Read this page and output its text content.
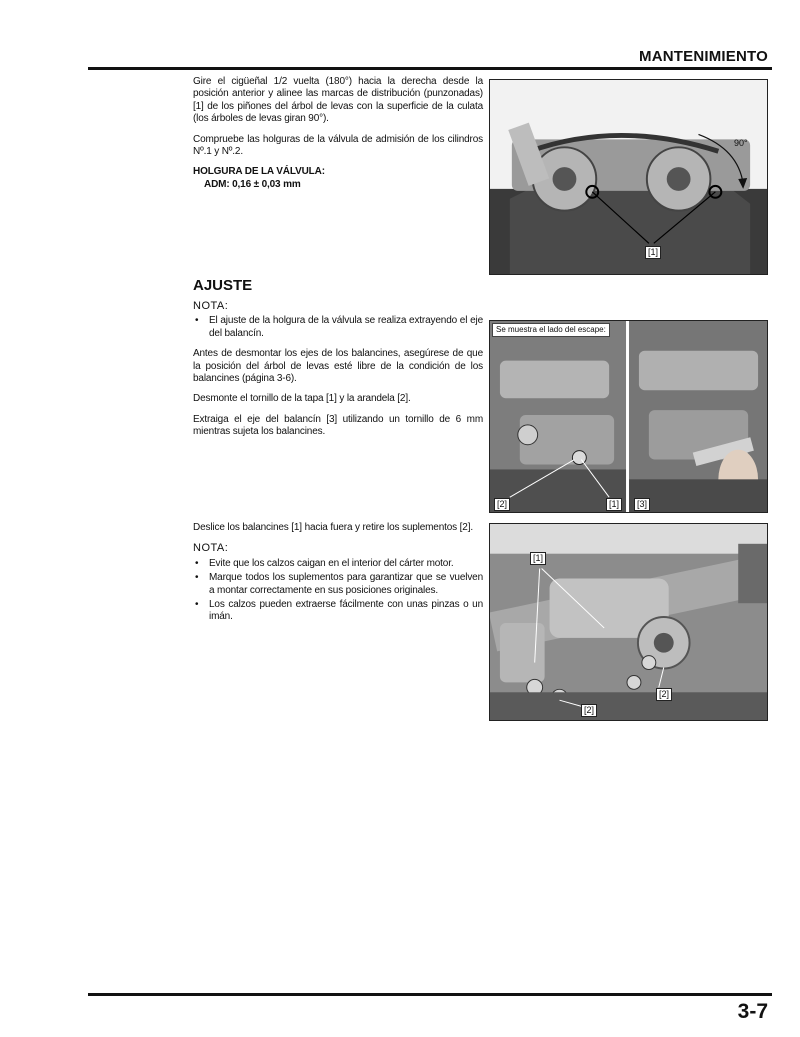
MANTENIMIENTO

Gire el cigüeñal 1/2 vuelta (180°) hacia la derecha desde la posición anterior y alinee las marcas de distribución (punzonadas) [1] de los piñones del árbol de levas con la superficie de la culata (los árboles de levas giran 90°).

Compruebe las holguras de la válvula de admisión de los cilindros Nº.1 y Nº.2.

HOLGURA DE LA VÁLVULA:
ADM: 0,16 ± 0,03 mm
90°
[1]
AJUSTE
NOTA:
•	El ajuste de la holgura de la válvula se realiza extrayendo el eje del balancín.

Antes de desmontar los ejes de los balancines, asegúrese de que la posición del árbol de levas esté libre de la condición de los balancines (página 3-6).

Desmonte el tornillo de la tapa [1] y la arandela [2].

Extraiga el eje del balancín [3] utilizando un tornillo de 6 mm mientras sujeta los balancines.

Se muestra el lado del escape:
[2]	[1]	[3]

Deslice los balancines [1] hacia fuera y retire los suplementos [2].

NOTA:
•	Evite que los calzos caigan en el interior del cárter motor.
•	Marque todos los suplementos para garantizar que se vuelven a montar correctamente en sus posiciones originales.
•	Los calzos pueden extraerse fácilmente con unas pinzas o un imán.
[1]
[2]
[2]
3-7
